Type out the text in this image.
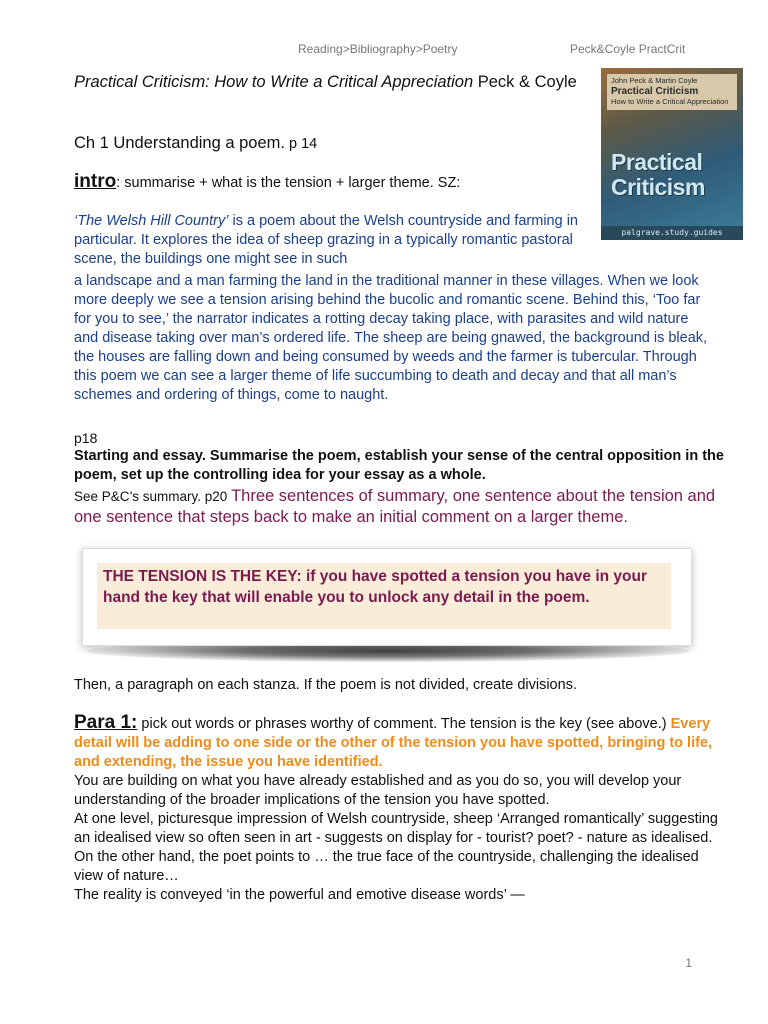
Reading>Bibliography>Poetry	Peck&Coyle PractCrit
John Peck & Martin Coyle
Practical Criticism
How to Write a Critical Appreciation
Practical
Criticism
palgrave.study.guides

Practical Criticism: How to Write a Critical Appreciation Peck & Coyle

Ch 1 Understanding a poem. p 14

intro: summarise + what is the tension + larger theme. SZ:

‘The Welsh Hill Country’ is a poem about the Welsh countryside and farming in particular. It explores the idea of sheep grazing in a typically romantic pastoral scene, the buildings one might see in such

a landscape and a man farming the land in the traditional manner in these villages. When we look more deeply we see a tension arising behind the bucolic and romantic scene. Behind this, ‘Too far for you to see,’ the narrator indicates a rotting decay taking place, with parasites and wild nature and disease taking over man’s ordered life. The sheep are being gnawed, the background is bleak, the houses are falling down and being consumed by weeds and the farmer is tubercular. Through this poem we can see a larger theme of life succumbing to death and decay and that all man’s schemes and ordering of things, come to naught.

p18

Starting and essay. Summarise the poem, establish your sense of the central opposition in the poem, set up the controlling idea for your essay as a whole.

See P&C’s summary. p20 Three sentences of summary, one sentence about the tension and one sentence that steps back to make an initial comment on a larger theme.

THE TENSION IS THE KEY: if you have spotted a tension you have in your hand the key that will enable you to unlock any detail in the poem.

Then, a paragraph on each stanza. If the poem is not divided, create divisions.

Para 1: pick out words or phrases worthy of comment. The tension is the key (see above.) Every detail will be adding to one side or the other of the tension you have spotted, bringing to life, and extending, the issue you have identified.
You are building on what you have already established and as you do so, you will develop your understanding of the broader implications of the tension you have spotted.
At one level, picturesque impression of Welsh countryside, sheep ‘Arranged romantically’ suggesting an idealised view so often seen in art - suggests on display for - tourist? poet? - nature as idealised. On the other hand, the poet points to … the true face of the countryside, challenging the idealised view of nature…
The reality is conveyed ‘in the powerful and emotive disease words’ —
1
